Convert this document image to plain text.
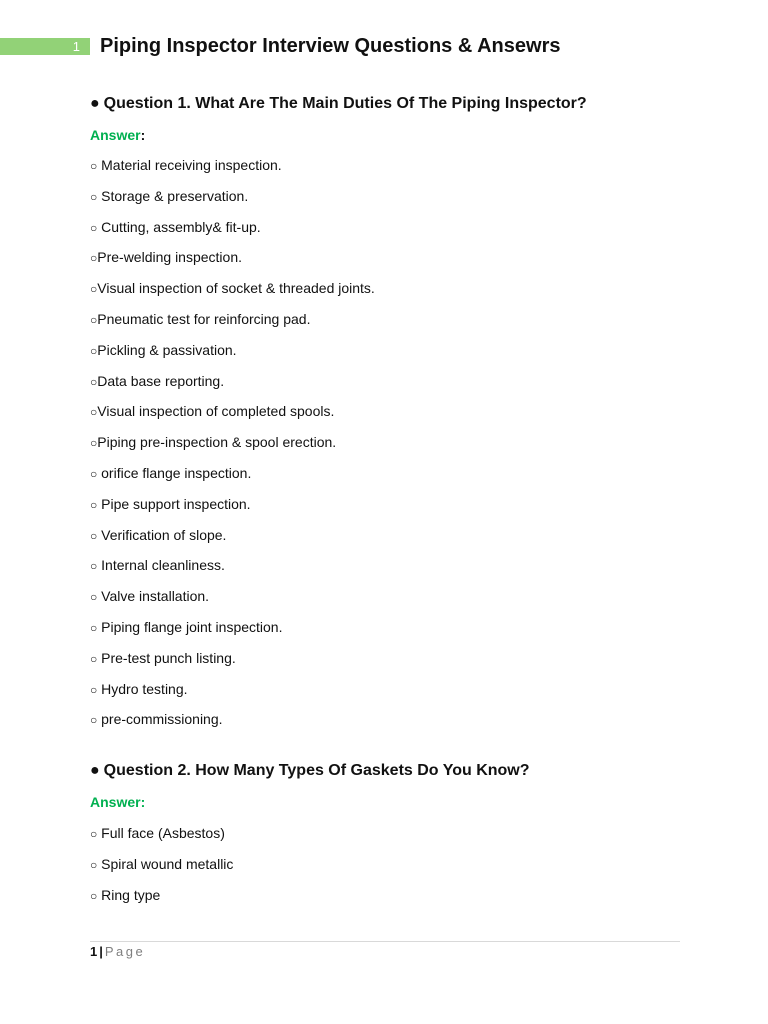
1 Piping Inspector Interview Questions & Ansewrs
● Question 1. What Are The Main Duties Of The Piping Inspector?
Answer:
○ Material receiving inspection.
○ Storage & preservation.
○ Cutting, assembly& fit-up.
○Pre-welding inspection.
○Visual inspection of socket & threaded joints.
○Pneumatic test for reinforcing pad.
○Pickling & passivation.
○Data base reporting.
○Visual inspection of completed spools.
○Piping pre-inspection & spool erection.
○ orifice flange inspection.
○ Pipe support inspection.
○ Verification of slope.
○ Internal cleanliness.
○ Valve installation.
○ Piping flange joint inspection.
○ Pre-test punch listing.
○ Hydro testing.
○ pre-commissioning.
● Question 2. How Many Types Of Gaskets Do You Know?
Answer:
○ Full face (Asbestos)
○ Spiral wound metallic
○ Ring type
1 | Page
